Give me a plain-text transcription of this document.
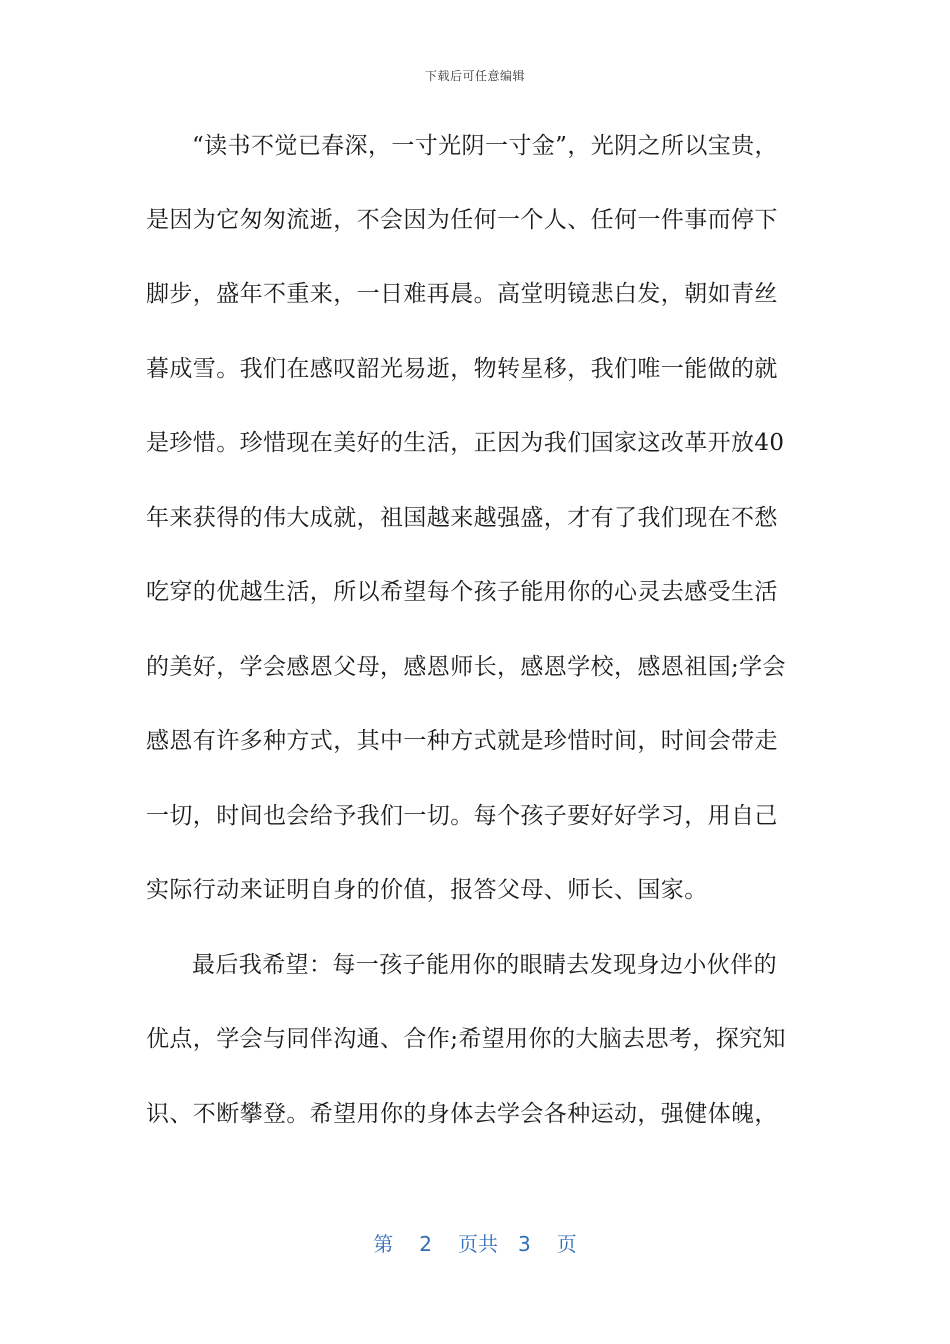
下载后可任意编辑
“读书不觉已春深，一寸光阴一寸金”，光阴之所以宝贵，
是因为它匆匆流逝，不会因为任何一个人、任何一件事而停下
脚步，盛年不重来，一日难再晨。高堂明镜悲白发，朝如青丝
暮成雪。我们在感叹韶光易逝，物转星移，我们唯一能做的就
是珍惜。珍惜现在美好的生活，正因为我们国家这改革开放40
年来获得的伟大成就，祖国越来越强盛，才有了我们现在不愁
吃穿的优越生活，所以希望每个孩子能用你的心灵去感受生活
的美好，学会感恩父母，感恩师长，感恩学校，感恩祖国;学会
感恩有许多种方式，其中一种方式就是珍惜时间，时间会带走
一切，时间也会给予我们一切。每个孩子要好好学习，用自己
实际行动来证明自身的价值，报答父母、师长、国家。
最后我希望：每一孩子能用你的眼睛去发现身边小伙伴的
优点，学会与同伴沟通、合作;希望用你的大脑去思考，探究知
识、不断攀登。希望用你的身体去学会各种运动，强健体魄，
第 2 页共 3 页
